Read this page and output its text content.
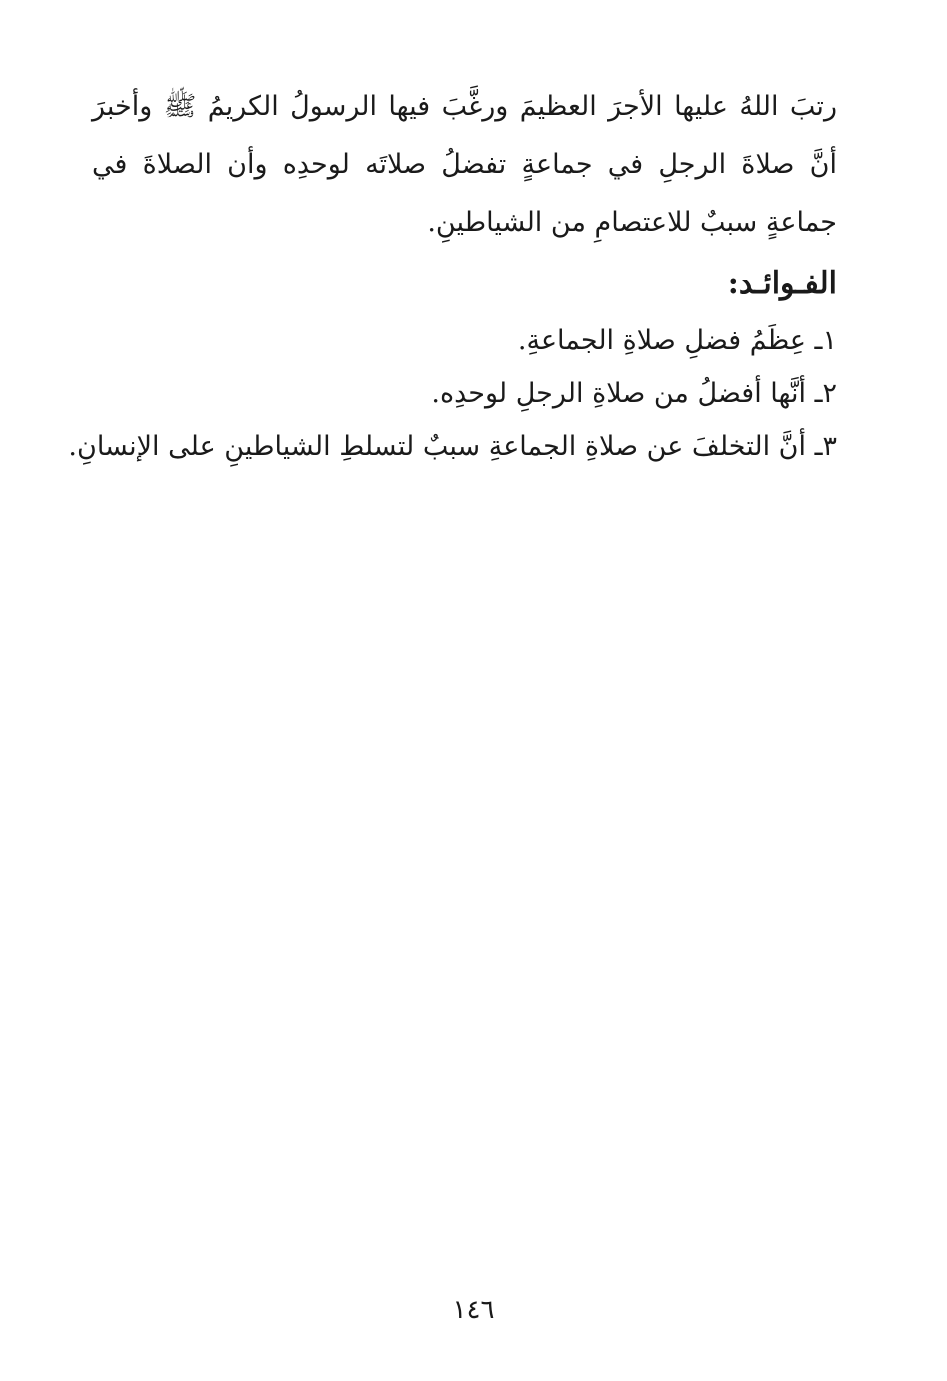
رتبَ اللهُ عليها الأجرَ العظيمَ ورغَّبَ فيها الرسولُ الكريمُ ﷺ وأخبرَ أنَّ صلاةَ الرجلِ في جماعةٍ تفضلُ صلاتَه لوحدِه وأن الصلاةَ في جماعةٍ سببٌ للاعتصامِ من الشياطينِ.

الفـوائـد:
١ـ عِظَمُ فضلِ صلاةِ الجماعةِ.
٢ـ أنَّها أفضلُ من صلاةِ الرجلِ لوحدِه.
٣ـ أنَّ التخلفَ عن صلاةِ الجماعةِ سببٌ لتسلطِ الشياطينِ على الإنسانِ.
١٤٦
